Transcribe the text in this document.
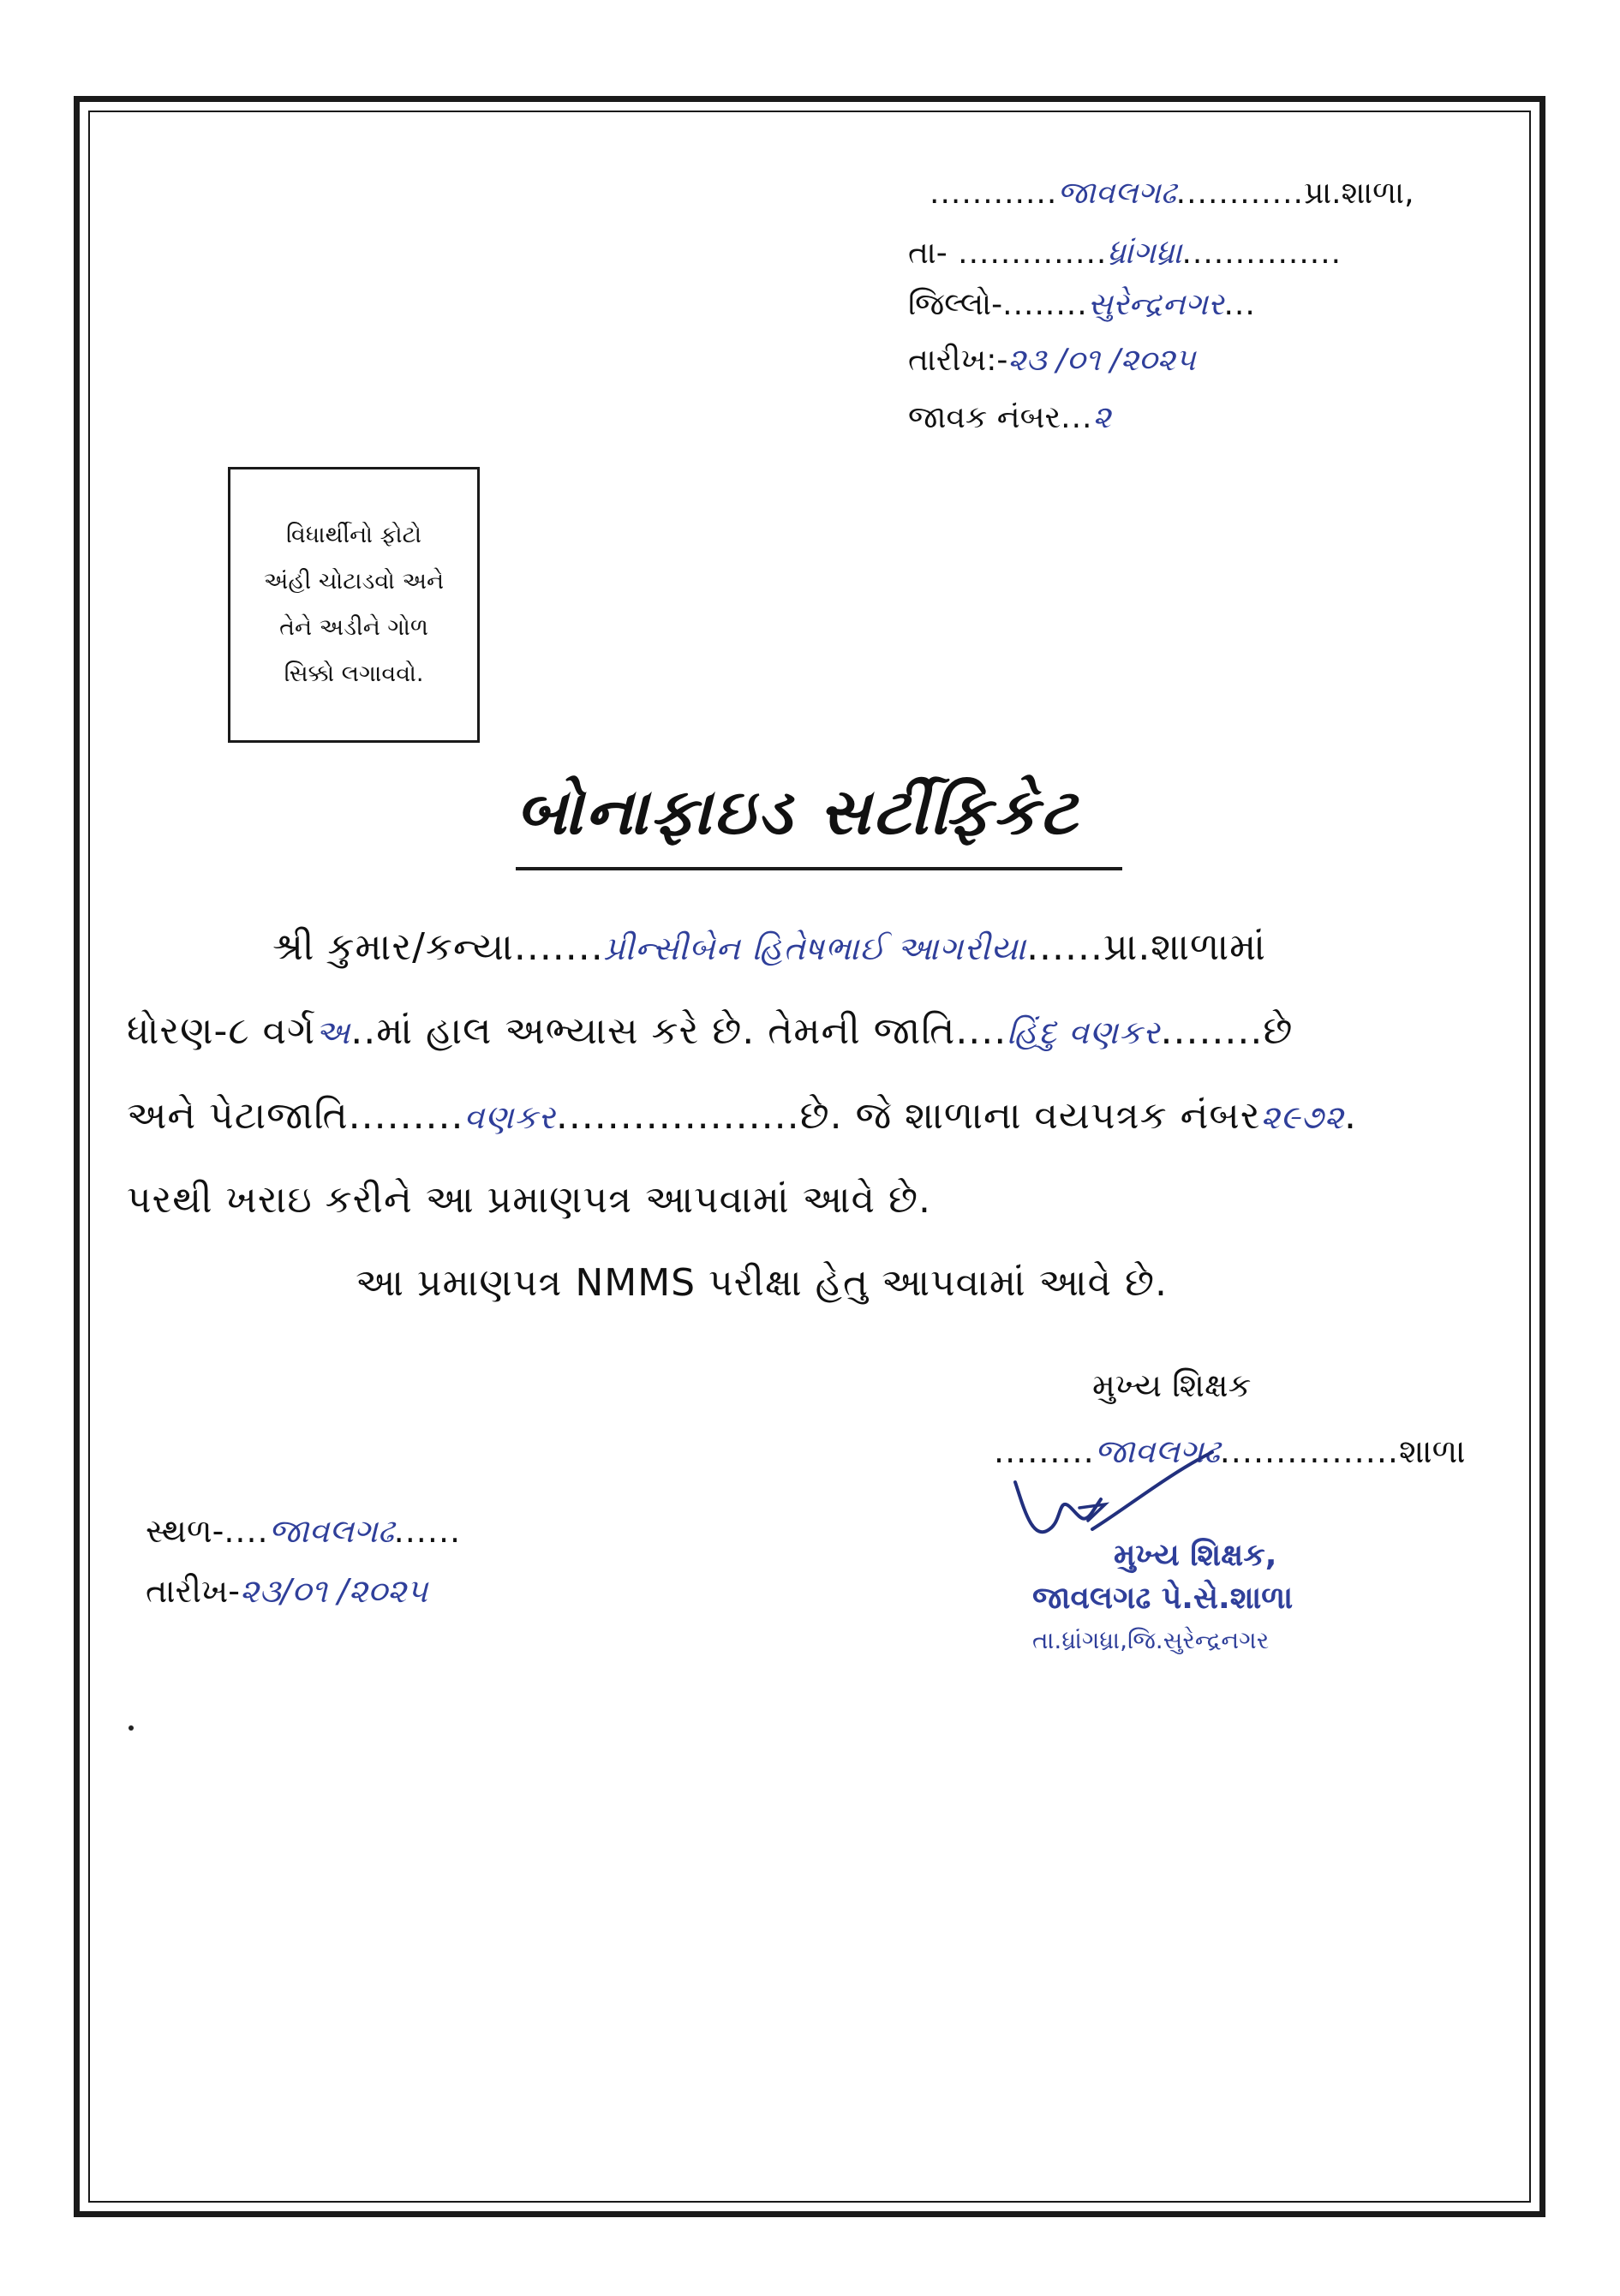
............જાવલગઢ............પ્રા.શાળા,
તા- ..............ધ્રાંગધ્રા...............
જિલ્લો-........સુરેન્દ્રનગર...
તારીખ:-૨૩ /૦૧ /૨૦૨૫
જાવક નંબર...૨
વિધાર્થીનો ફોટો
અંહી ચોટાડવો અને
તેને અડીને ગોળ
સિક્કો લગાવવો.
બોનાફાઇડ સર્ટીફિકેટ
શ્રી કુમાર/કન્યા.......પ્રીન્સીબેન હિતેષભાઈ આગરીયા......પ્રા.શાળામાં
ધોરણ-૮ વર્ગઅ..માં હાલ અભ્યાસ કરે છે. તેમની જાતિ....હિંદુ વણકર........છે
અને પેટાજાતિ.........વણકર...................છે. જે શાળાના વયપત્રક નંબર૨૯૭૨.
પરથી ખરાઇ કરીને આ પ્રમાણપત્ર આપવામાં આવે છે.
આ પ્રમાણપત્ર NMMS પરીક્ષા હેતુ આપવામાં આવે છે.
મુખ્ય શિક્ષક
.........જાવલગઢ................શાળા
સ્થળ-....જાવલગઢ......
તારીખ-૨૩/૦૧ /૨૦૨૫
મુખ્ય શિક્ષક,
જાવલગઢ પે.સે.શાળા
તા.ધ્રાંગધ્રા,જિ.સુરેન્દ્રનગર
